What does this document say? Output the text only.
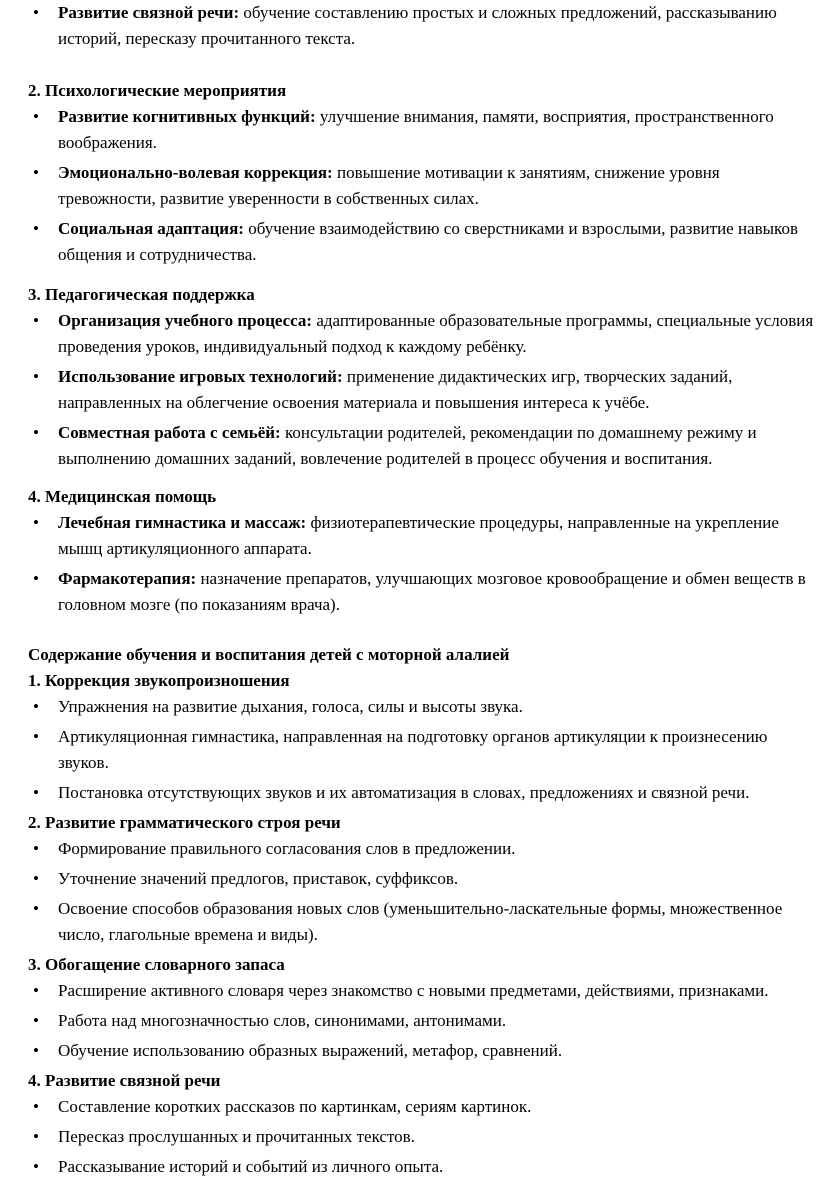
• Развитие связной речи: обучение составлению простых и сложных предложений, рассказыванию историй, пересказу прочитанного текста.

2. Психологические мероприятия

• Развитие когнитивных функций: улучшение внимания, памяти, восприятия, пространственного воображения.
• Эмоционально-волевая коррекция: повышение мотивации к занятиям, снижение уровня тревожности, развитие уверенности в собственных силах.
• Социальная адаптация: обучение взаимодействию со сверстниками и взрослыми, развитие навыков общения и сотрудничества.

3. Педагогическая поддержка

• Организация учебного процесса: адаптированные образовательные программы, специальные условия проведения уроков, индивидуальный подход к каждому ребёнку.
• Использование игровых технологий: применение дидактических игр, творческих заданий, направленных на облегчение освоения материала и повышения интереса к учёбе.
• Совместная работа с семьёй: консультации родителей, рекомендации по домашнему режиму и выполнению домашних заданий, вовлечение родителей в процесс обучения и воспитания.

4. Медицинская помощь

• Лечебная гимнастика и массаж: физиотерапевтические процедуры, направленные на укрепление мышц артикуляционного аппарата.
• Фармакотерапия: назначение препаратов, улучшающих мозговое кровообращение и обмен веществ в головном мозге (по показаниям врача).

Содержание обучения и воспитания детей с моторной алалией

1. Коррекция звукопроизношения

• Упражнения на развитие дыхания, голоса, силы и высоты звука.
• Артикуляционная гимнастика, направленная на подготовку органов артикуляции к произнесению звуков.
• Постановка отсутствующих звуков и их автоматизация в словах, предложениях и связной речи.

2. Развитие грамматического строя речи

• Формирование правильного согласования слов в предложении.
• Уточнение значений предлогов, приставок, суффиксов.
• Освоение способов образования новых слов (уменьшительно-ласкательные формы, множественное число, глагольные времена и виды).

3. Обогащение словарного запаса

• Расширение активного словаря через знакомство с новыми предметами, действиями, признаками.
• Работа над многозначностью слов, синонимами, антонимами.
• Обучение использованию образных выражений, метафор, сравнений.

4. Развитие связной речи

• Составление коротких рассказов по картинкам, сериям картинок.
• Пересказ прослушанных и прочитанных текстов.
• Рассказывание историй и событий из личного опыта.
